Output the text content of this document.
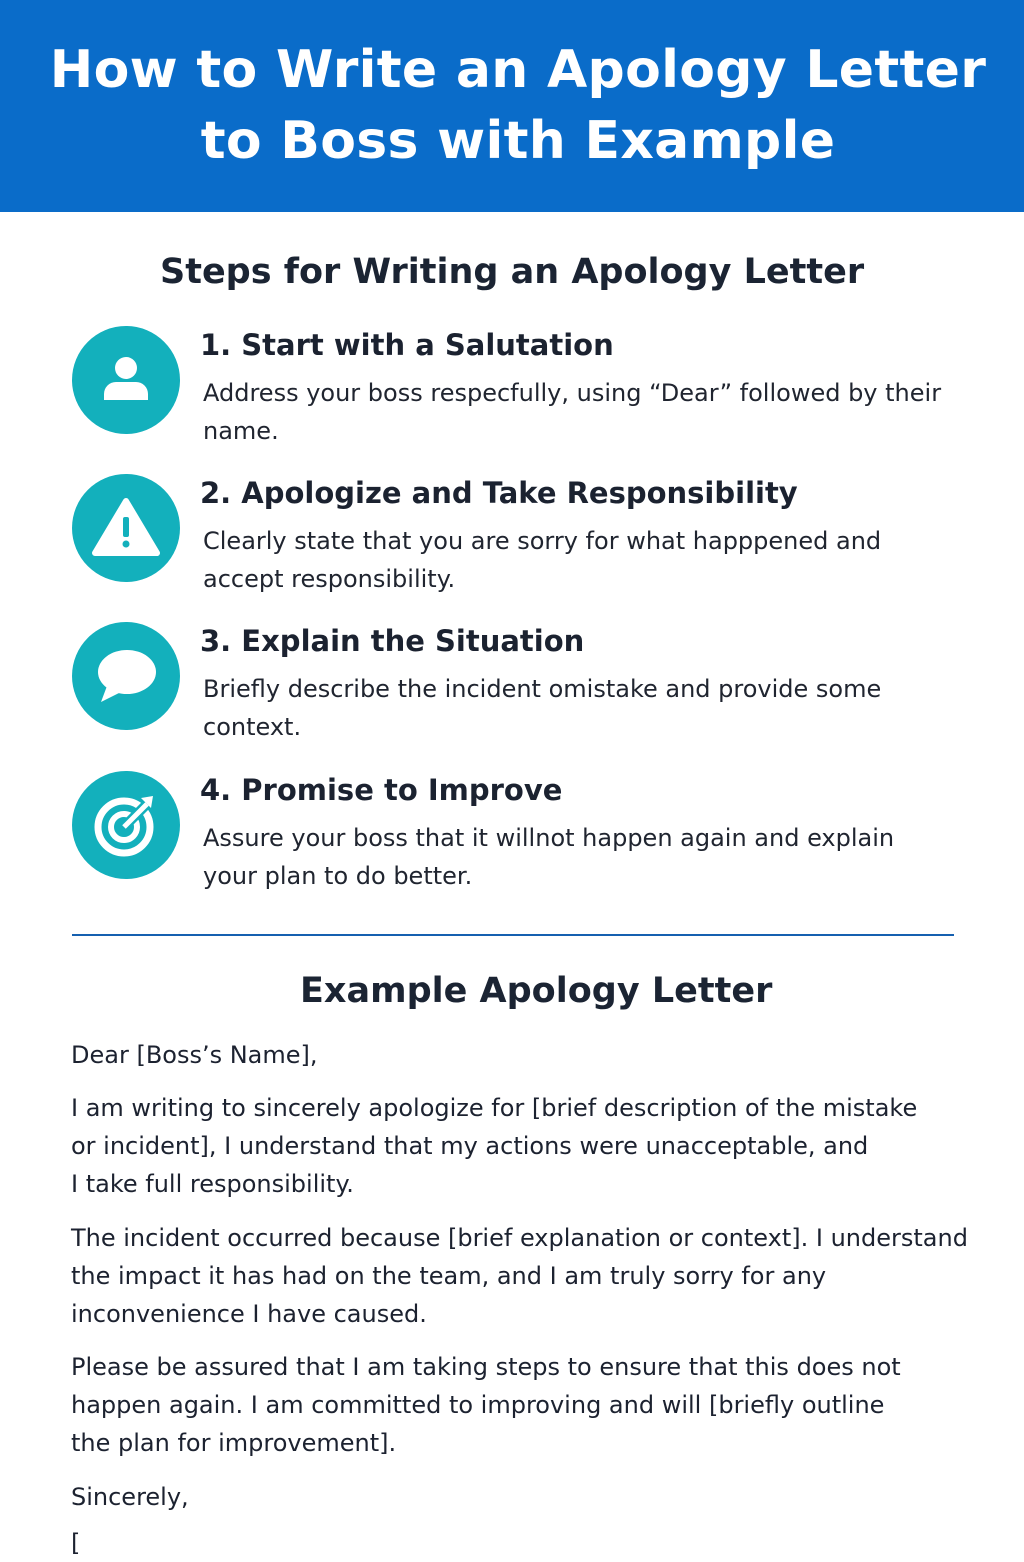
How to Write an Apology Letter
to Boss with Example
Steps for Writing an Apology Letter
1. Start with a Salutation
Address your boss respecfully, using “Dear” followed by their
name.
2. Apologize and Take Responsibility
Clearly state that you are sorry for what happpened and
accept responsibility.
3. Explain the Situation
Briefly describe the incident omistake and provide some
context.
4. Promise to Improve
Assure your boss that it willnot happen again and explain
your plan to do better.
Example Apology Letter
Dear [Boss’s Name],
I am writing to sincerely apologize for [brief description of the mistake
or incident], I understand that my actions were unacceptable, and
I take full responsibility.
The incident occurred because [brief explanation or context]. I understand
the impact it has had on the team, and I am truly sorry for any
inconvenience I have caused.
Please be assured that I am taking steps to ensure that this does not
happen again. I am committed to improving and will [briefly outline
the plan for improvement].
Sincerely,
[
